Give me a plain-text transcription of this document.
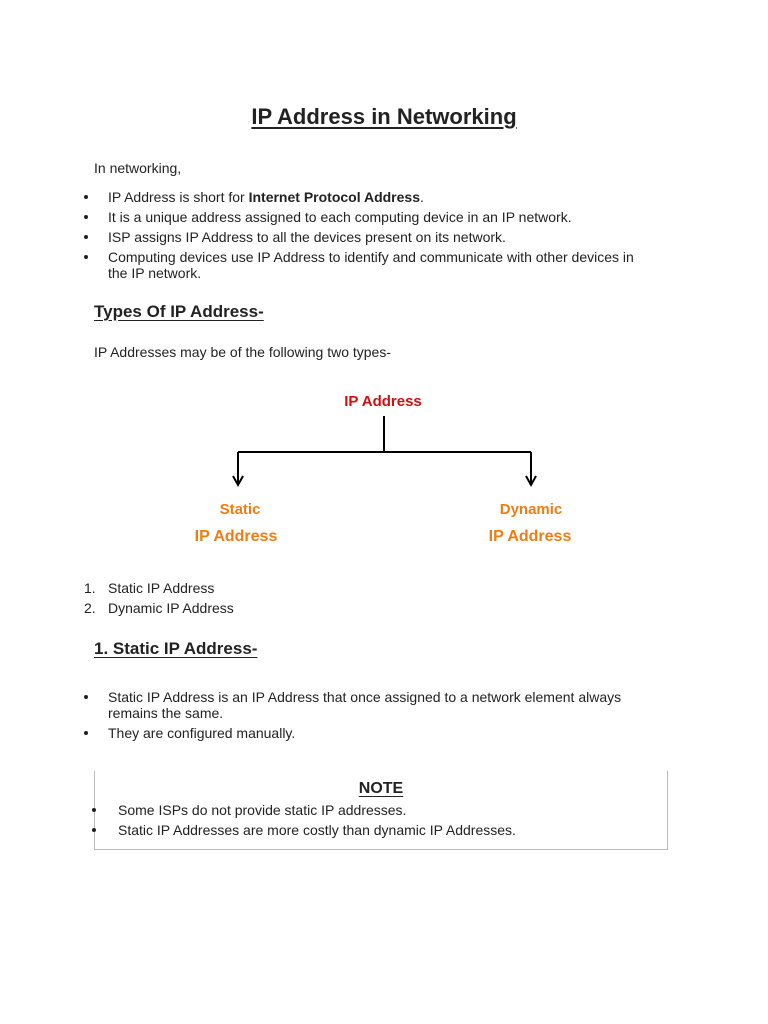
IP Address in Networking

In networking,

IP Address is short for Internet Protocol Address.
It is a unique address assigned to each computing device in an IP network.
ISP assigns IP Address to all the devices present on its network.
Computing devices use IP Address to identify and communicate with other devices in
the IP network.
Types Of IP Address-

IP Addresses may be of the following two types-

IP Address
Static
IP Address
Dynamic
IP Address
1. Static IP Address
2. Dynamic IP Address
1. Static IP Address-
Static IP Address is an IP Address that once assigned to a network element always
remains the same.
They are configured manually.

NOTE

Some ISPs do not provide static IP addresses.
Static IP Addresses are more costly than dynamic IP Addresses.
